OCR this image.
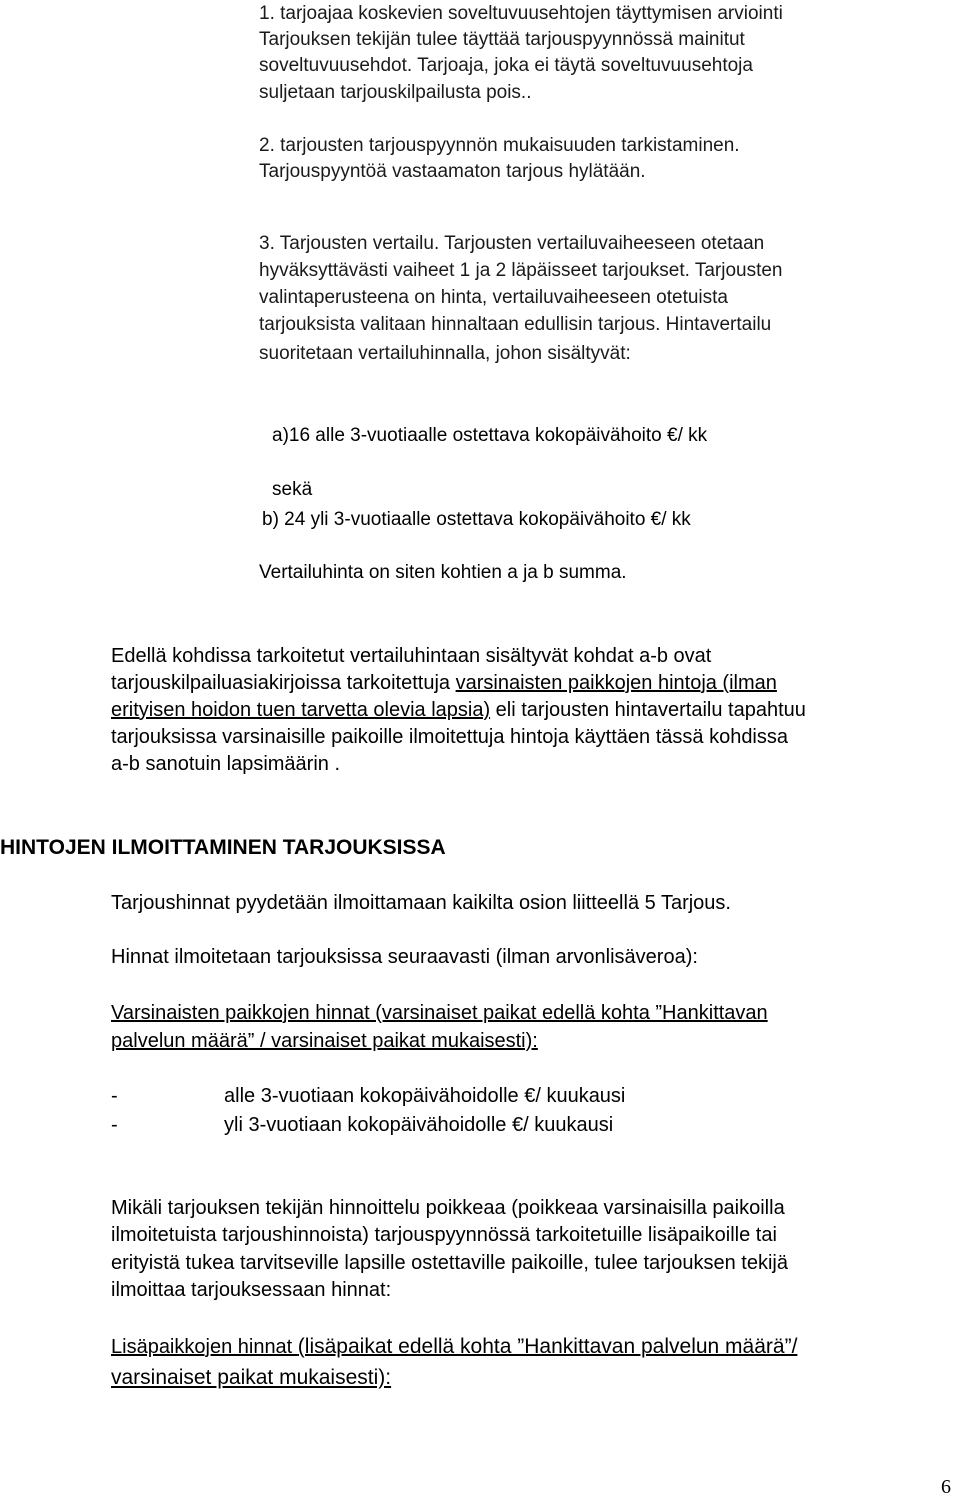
1. tarjoajaa koskevien soveltuvuusehtojen täyttymisen arviointi
Tarjouksen tekijän tulee täyttää tarjouspyynnössä mainitut
soveltuvuusehdot. Tarjoaja, joka ei täytä soveltuvuusehtoja
suljetaan tarjouskilpailusta pois..
2. tarjousten tarjouspyynnön mukaisuuden tarkistaminen.
Tarjouspyyntöä vastaamaton tarjous hylätään.
3. Tarjousten vertailu. Tarjousten vertailuvaiheeseen otetaan
hyväksyttävästi vaiheet 1 ja 2 läpäisseet tarjoukset. Tarjousten
valintaperusteena on hinta, vertailuvaiheeseen otetuista
tarjouksista valitaan hinnaltaan edullisin tarjous. Hintavertailu
suoritetaan vertailuhinnalla, johon sisältyvät:
a)16 alle 3-vuotiaalle ostettava kokopäivähoito €/ kk
sekä
b) 24 yli 3-vuotiaalle ostettava kokopäivähoito €/ kk
Vertailuhinta on siten kohtien a ja b summa.
Edellä kohdissa tarkoitetut vertailuhintaan sisältyvät kohdat a-b ovat
tarjouskilpailuasiakirjoissa tarkoitettuja varsinaisten paikkojen hintoja (ilman
erityisen hoidon tuen tarvetta olevia lapsia) eli tarjousten hintavertailu tapahtuu
tarjouksissa varsinaisille paikoille ilmoitettuja hintoja käyttäen tässä kohdissa
a-b sanotuin lapsimäärin .
HINTOJEN ILMOITTAMINEN TARJOUKSISSA
Tarjoushinnat pyydetään ilmoittamaan kaikilta osion liitteellä 5 Tarjous.
Hinnat ilmoitetaan tarjouksissa seuraavasti (ilman arvonlisäveroa):
Varsinaisten paikkojen hinnat (varsinaiset paikat edellä kohta ”Hankittavan
palvelun määrä” / varsinaiset paikat mukaisesti):
-	alle 3-vuotiaan kokopäivähoidolle €/ kuukausi
-	yli 3-vuotiaan kokopäivähoidolle €/ kuukausi
Mikäli tarjouksen tekijän hinnoittelu poikkeaa (poikkeaa varsinaisilla paikoilla
ilmoitetuista tarjoushinnoista) tarjouspyynnössä tarkoitetuille lisäpaikoille tai
erityistä tukea tarvitseville lapsille ostettaville paikoille, tulee tarjouksen tekijä
ilmoittaa tarjouksessaan hinnat:
Lisäpaikkojen hinnat (lisäpaikat edellä kohta ”Hankittavan palvelun määrä”/
varsinaiset paikat mukaisesti):
6
